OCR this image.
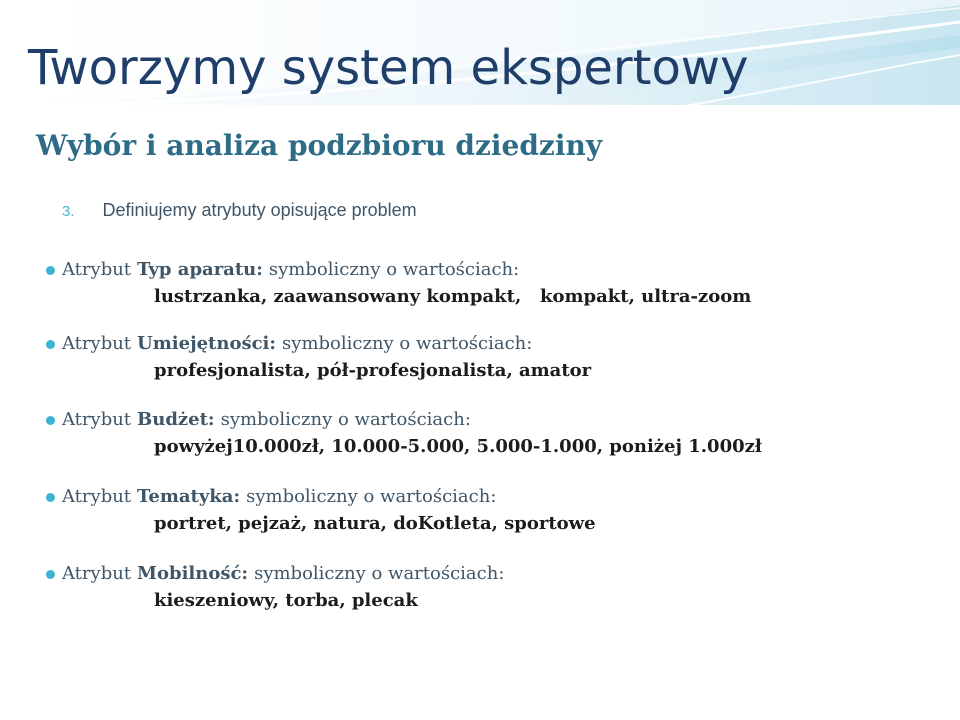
Tworzymy system ekspertowy
Wybór i analiza podzbioru dziedziny
3. Definiujemy atrybuty opisujące problem
Atrybut Typ aparatu: symboliczny o wartościach:
lustrzanka, zaawansowany kompakt,   kompakt, ultra-zoom
Atrybut Umiejętności: symboliczny o wartościach:
profesjonalista, pół-profesjonalista, amator
Atrybut Budżet: symboliczny o wartościach:
powyżej10.000zł, 10.000-5.000, 5.000-1.000, poniżej 1.000zł
Atrybut Tematyka: symboliczny o wartościach:
portret, pejzaż, natura, doKotleta, sportowe
Atrybut Mobilność: symboliczny o wartościach:
kieszeniowy, torba, plecak
